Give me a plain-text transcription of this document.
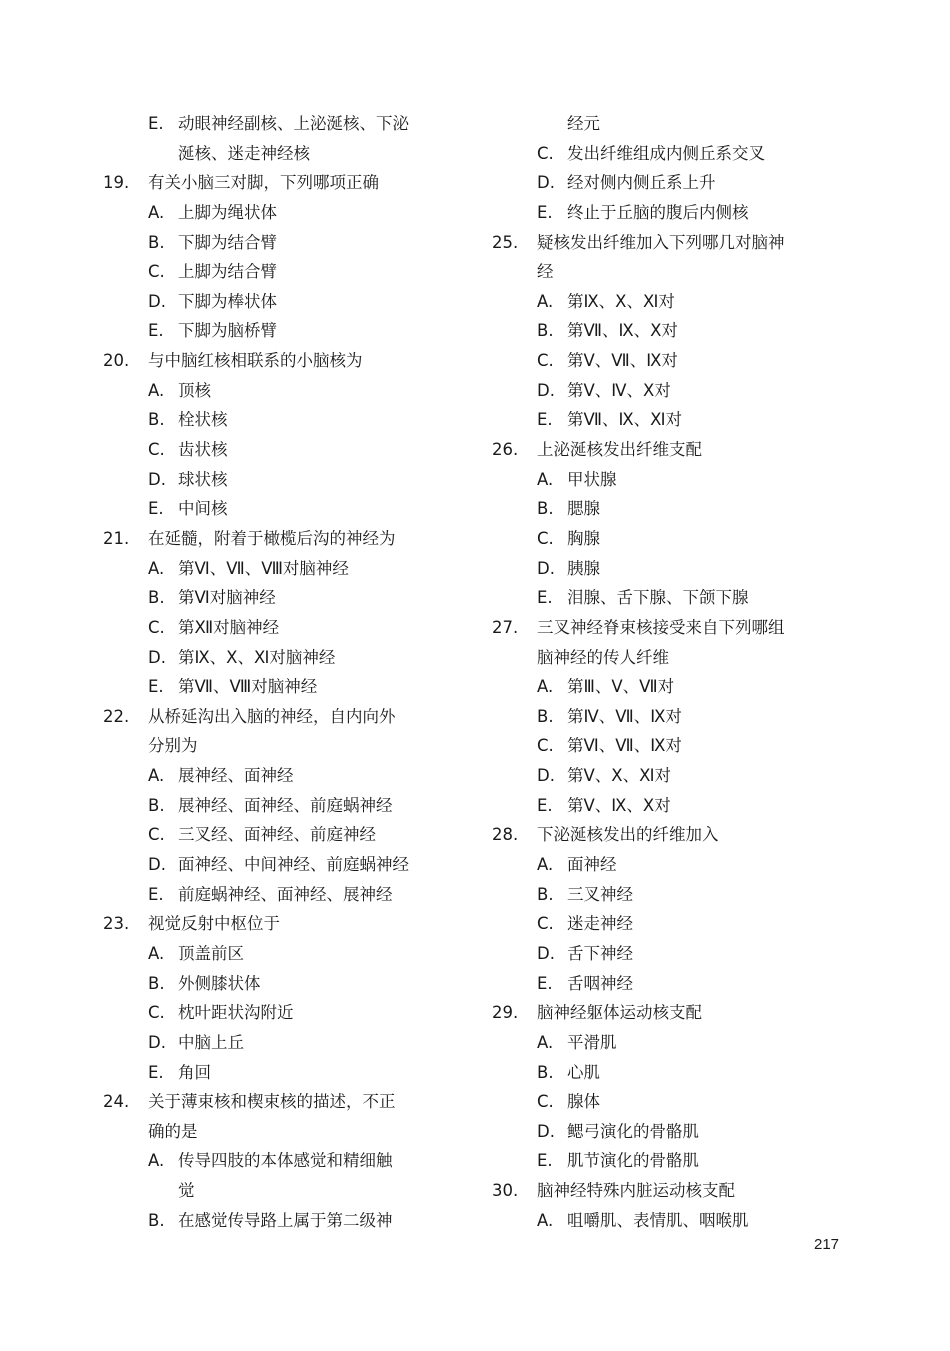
E. 动眼神经副核、上泌涎核、下泌
涎核、迷走神经核
19.	有关小脑三对脚，下列哪项正确
A. 上脚为绳状体
B. 下脚为结合臂
C. 上脚为结合臂
D. 下脚为棒状体
E. 下脚为脑桥臂
20.	与中脑红核相联系的小脑核为
A. 顶核
B. 栓状核
C. 齿状核
D. 球状核
E. 中间核
21.	在延髓，附着于橄榄后沟的神经为
A. 第Ⅵ、Ⅶ、Ⅷ对脑神经
B. 第Ⅵ对脑神经
C. 第Ⅻ对脑神经
D. 第Ⅸ、Ⅹ、Ⅺ对脑神经
E. 第Ⅶ、Ⅷ对脑神经
22.	从桥延沟出入脑的神经，自内向外
分别为
A. 展神经、面神经
B. 展神经、面神经、前庭蜗神经
C. 三叉经、面神经、前庭神经
D. 面神经、中间神经、前庭蜗神经
E. 前庭蜗神经、面神经、展神经
23.	视觉反射中枢位于
A. 顶盖前区
B. 外侧膝状体
C. 枕叶距状沟附近
D. 中脑上丘
E. 角回
24.	关于薄束核和楔束核的描述，不正
确的是
A. 传导四肢的本体感觉和精细触
觉
B. 在感觉传导路上属于第二级神
经元
C. 发出纤维组成内侧丘系交叉
D. 经对侧内侧丘系上升
E. 终止于丘脑的腹后内侧核
25.	疑核发出纤维加入下列哪几对脑神
经
A. 第Ⅸ、Ⅹ、Ⅺ对
B. 第Ⅶ、Ⅸ、Ⅹ对
C. 第Ⅴ、Ⅶ、Ⅸ对
D. 第Ⅴ、Ⅳ、Ⅹ对
E. 第Ⅶ、Ⅸ、Ⅺ对
26.	上泌涎核发出纤维支配
A. 甲状腺
B. 腮腺
C. 胸腺
D. 胰腺
E. 泪腺、舌下腺、下颌下腺
27.	三叉神经脊束核接受来自下列哪组
脑神经的传人纤维
A. 第Ⅲ、Ⅴ、Ⅶ对
B. 第Ⅳ、Ⅶ、Ⅸ对
C. 第Ⅵ、Ⅶ、Ⅸ对
D. 第Ⅴ、Ⅹ、Ⅺ对
E. 第Ⅴ、Ⅸ、Ⅹ对
28.	下泌涎核发出的纤维加入
A. 面神经
B. 三叉神经
C. 迷走神经
D. 舌下神经
E. 舌咽神经
29.	脑神经躯体运动核支配
A. 平滑肌
B. 心肌
C. 腺体
D. 鳃弓演化的骨骼肌
E. 肌节演化的骨骼肌
30.	脑神经特殊内脏运动核支配
A. 咀嚼肌、表情肌、咽喉肌
217
